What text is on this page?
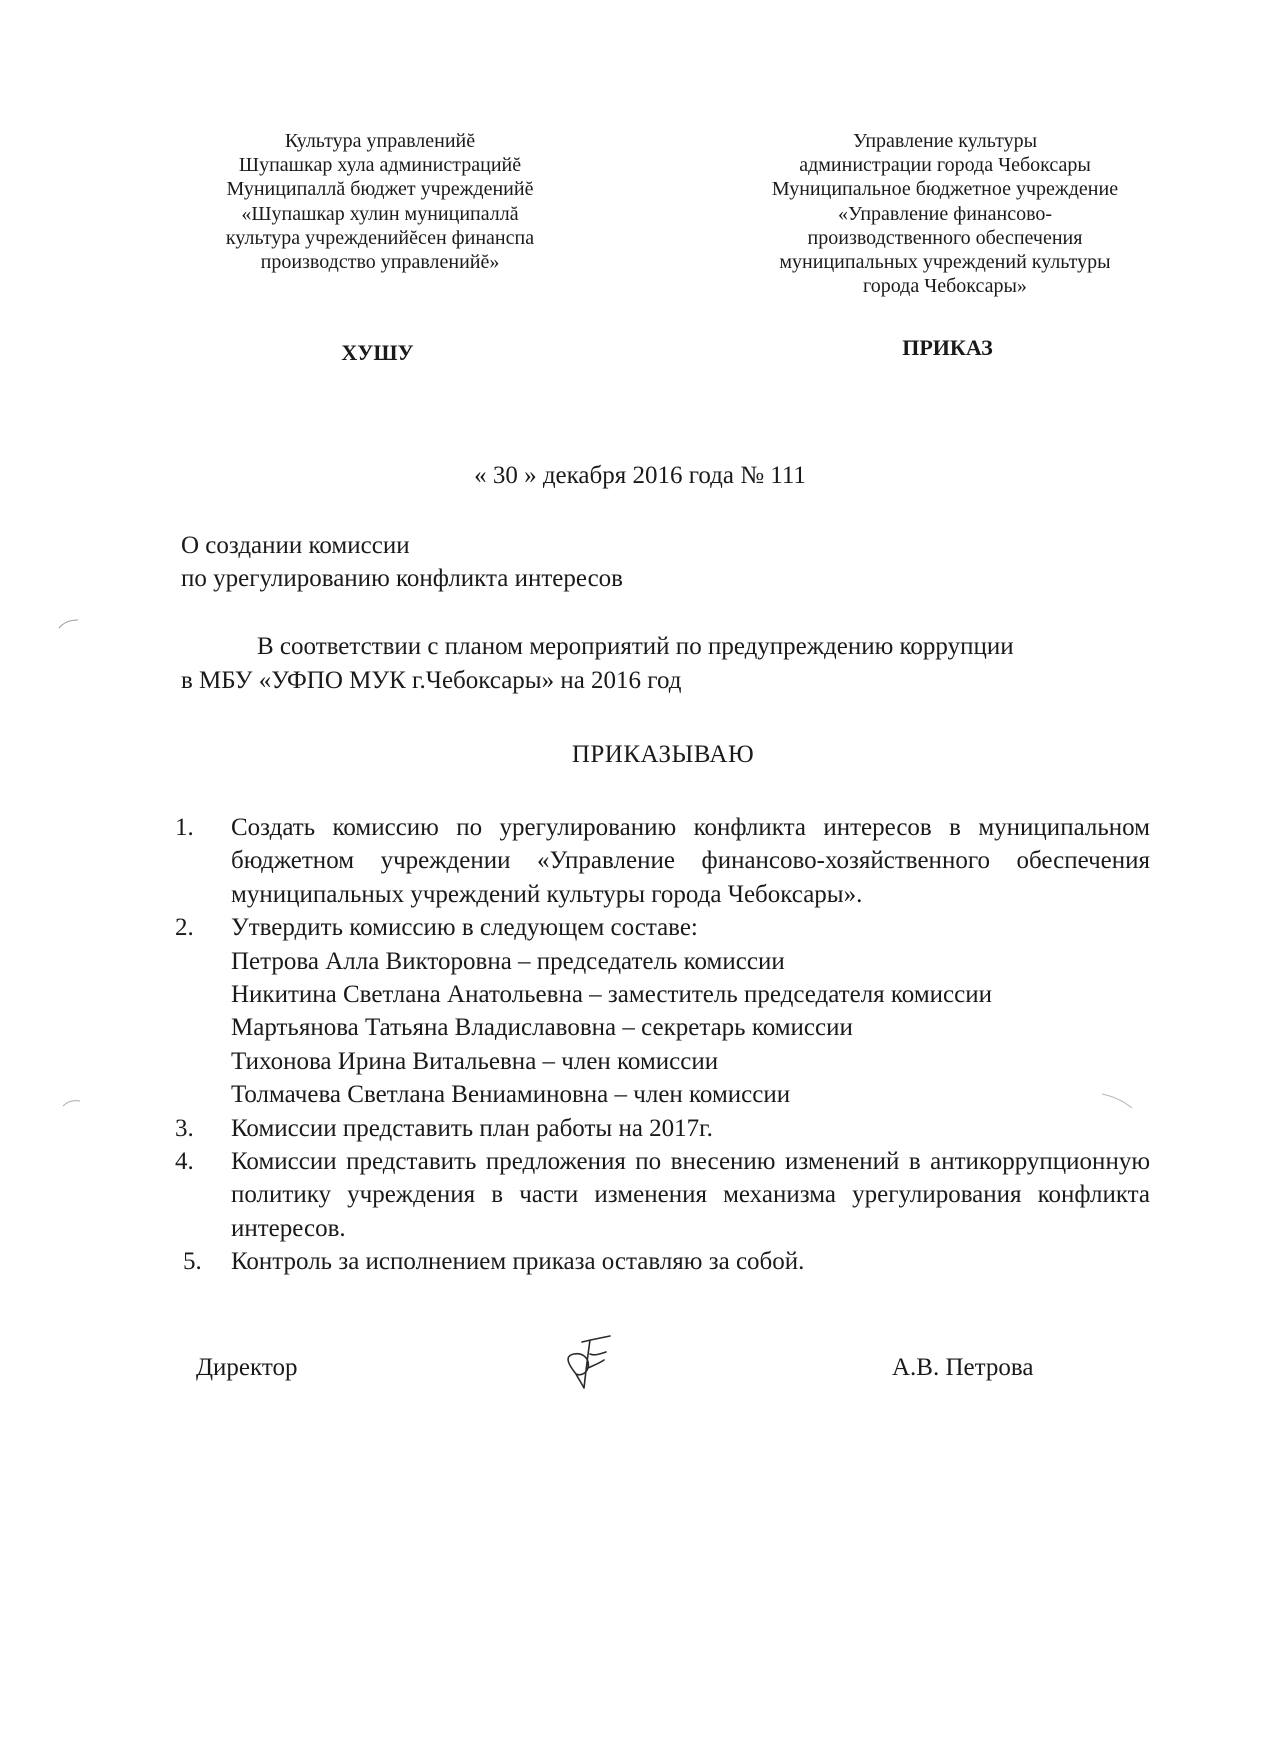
Культура управленийĕ
Шупашкар хула администрацийĕ
Муниципаллă бюджет учрежденийĕ
«Шупашкар хулин муниципаллă
культура учрежденийĕсен финанспа
производство управленийĕ»
Управление культуры
администрации города Чебоксары
Муниципальное бюджетное учреждение
«Управление финансово-
производственного обеспечения
муниципальных учреждений культуры
города Чебоксары»
ХУШУ	ПРИКАЗ
« 30 » декабря 2016 года № 111
О создании комиссии
по урегулированию конфликта интересов
В соответствии с планом мероприятий по предупреждению коррупции
в МБУ «УФПО МУК г.Чебоксары» на 2016 год
ПРИКАЗЫВАЮ
1. Создать комиссию по урегулированию конфликта интересов в муниципальном бюджетном учреждении «Управление финансово-хозяйственного обеспечения муниципальных учреждений культуры города Чебоксары».
2. Утвердить комиссию в следующем составе:
Петрова Алла Викторовна – председатель комиссии
Никитина Светлана Анатольевна – заместитель председателя комиссии
Мартьянова Татьяна Владиславовна – секретарь комиссии
Тихонова Ирина Витальевна – член комиссии
Толмачева Светлана Вениаминовна – член комиссии
3. Комиссии представить план работы на 2017г.
4. Комиссии представить предложения по внесению изменений в антикоррупционную политику учреждения в части изменения механизма урегулирования конфликта интересов.
5. Контроль за исполнением приказа оставляю за собой.
Директор	А.В. Петрова
